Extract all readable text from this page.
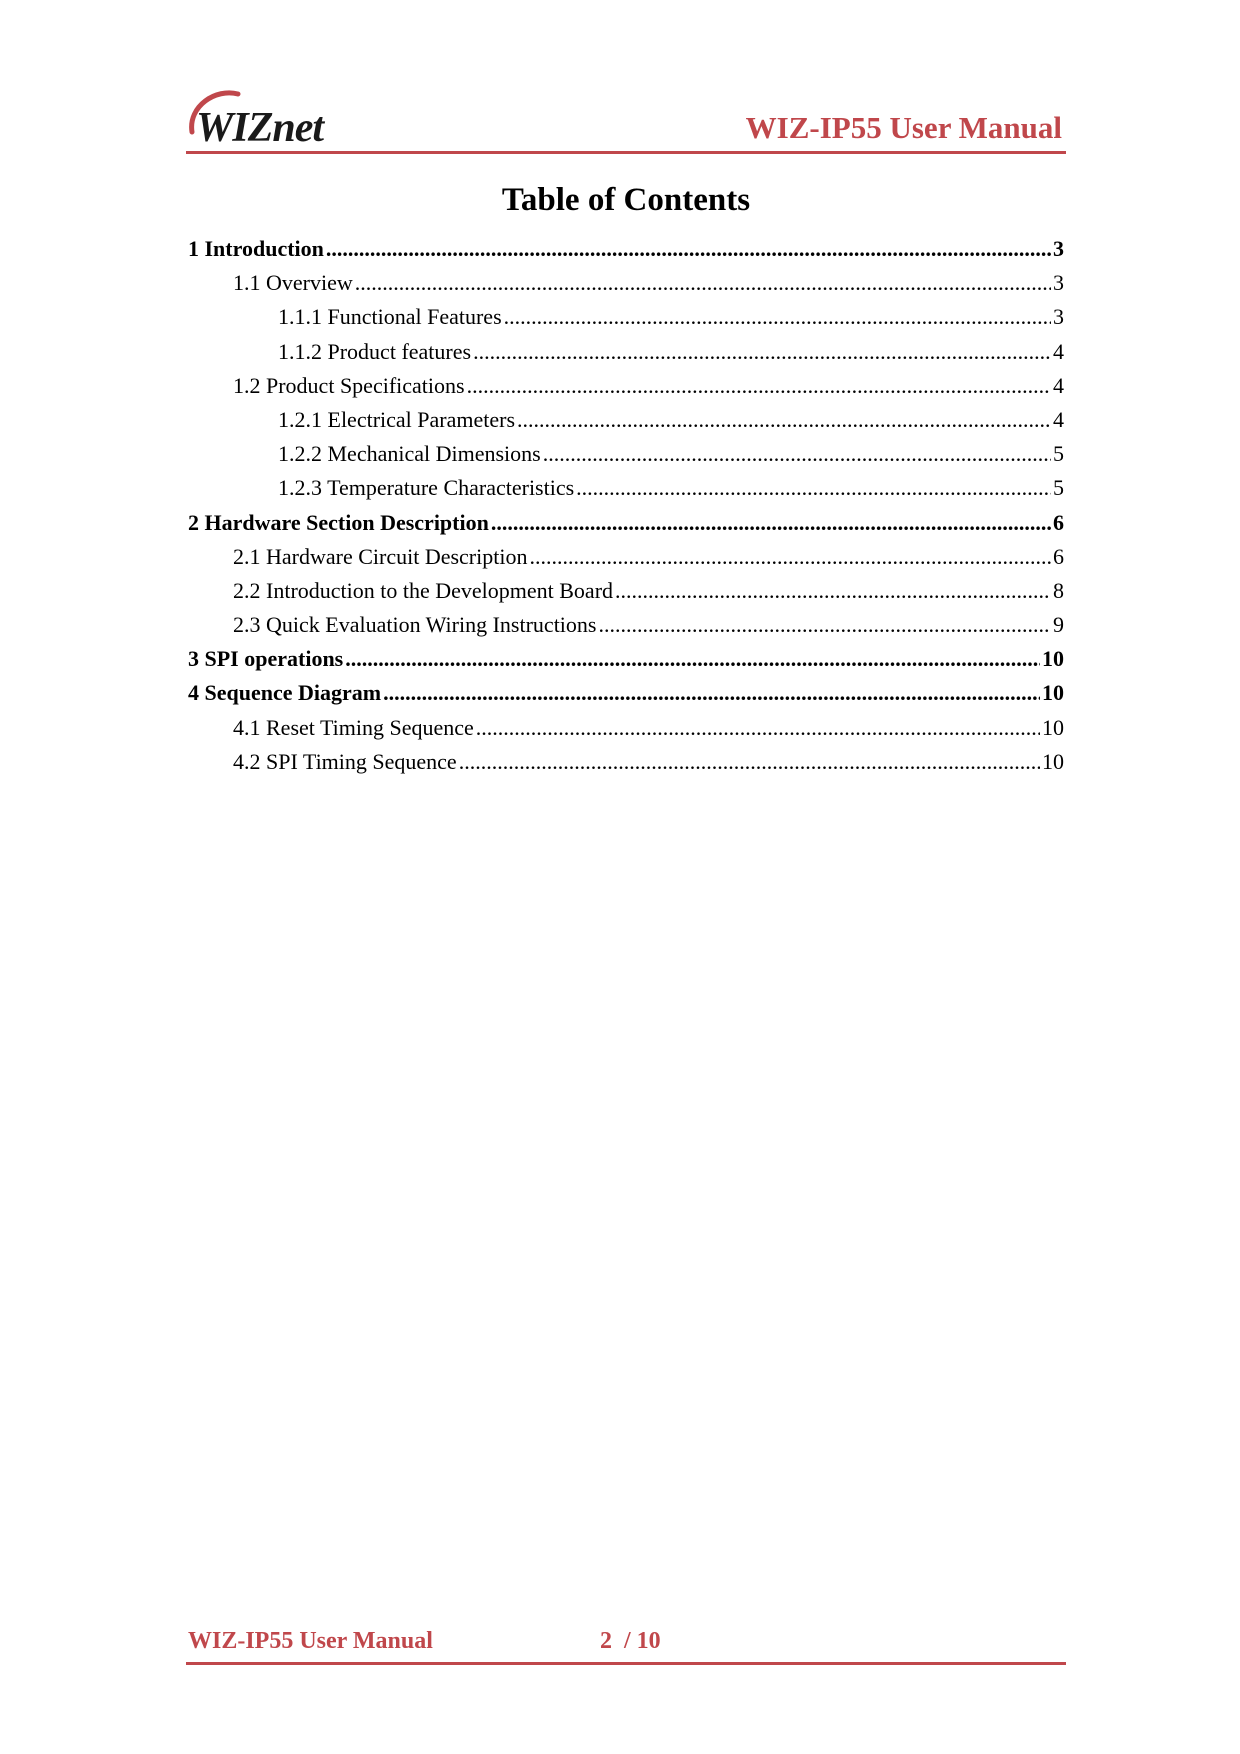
WIZnet	WIZ-IP55 User Manual
Table of Contents
1 Introduction .....	3
1.1 Overview .....	3
1.1.1 Functional Features .....	3
1.1.2 Product features .....	4
1.2 Product Specifications .....	4
1.2.1 Electrical Parameters .....	4
1.2.2 Mechanical Dimensions .....	5
1.2.3 Temperature Characteristics .....	5
2 Hardware Section Description .....	6
2.1 Hardware Circuit Description .....	6
2.2 Introduction to the Development Board .....	8
2.3 Quick Evaluation Wiring Instructions .....	9
3 SPI operations .....	10
4 Sequence Diagram .....	10
4.1 Reset Timing Sequence .....	10
4.2 SPI Timing Sequence .....	10
WIZ-IP55 User Manual	2  / 10
